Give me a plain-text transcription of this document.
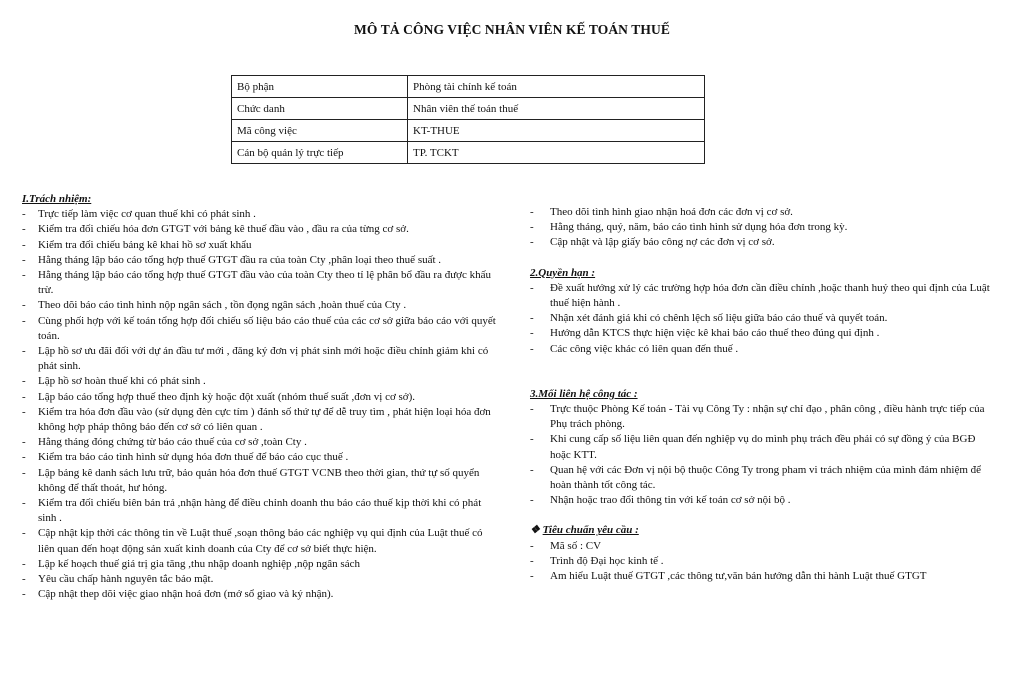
MÔ TẢ CÔNG VIỆC NHÂN VIÊN KẾ TOÁN THUẾ
Bộ phận	Phòng tài chính kế toán
Chức danh	Nhân viên thế toán thuế
Mã công việc	KT-THUE
Cán bộ quản lý trực tiếp	TP. TCKT
I.Trách nhiệm:
- Trực tiếp làm việc cơ quan thuế khi có phát sinh .
- Kiểm tra đối chiếu hóa đơn GTGT với bảng kê thuế đầu vào , đầu ra của từng cơ sở.
- Kiểm tra đối chiếu bảng kê khai hồ sơ xuất khẩu
- Hằng tháng lập báo cáo tổng hợp thuế GTGT đầu ra của toàn Cty ,phân loại theo thuế suất .
- Hằng tháng lập báo cáo tổng hợp thuế GTGT đầu vào của toàn Cty theo tỉ lệ phân bổ đầu ra được khấu trừ.
- Theo dõi báo cáo tình hình nộp ngân sách , tồn đọng ngân sách ,hoàn thuế của Cty .
- Cùng phối hợp với kế toán tổng hợp đối chiếu số liệu báo cáo thuế của các cơ sở giữa báo cáo với quyết toán.
- Lập hồ sơ ưu đãi đối với dự án đầu tư mới , đăng ký đơn vị phát sinh mới hoặc điều chỉnh giảm khi có phát sinh.
- Lập hồ sơ hoàn thuế khi có phát sinh .
- Lập báo cáo tổng hợp thuế theo định kỳ hoặc đột xuất (nhóm thuế suất ,đơn vị cơ sở).
- Kiểm tra hóa đơn đầu vào (sử dụng đèn cực tím ) đánh số thứ tự để dễ truy tìm , phát hiện loại hóa đơn không hợp pháp thông báo đến cơ sở có liên quan .
- Hằng tháng đóng chứng từ báo cáo thuế của cơ sở ,toàn Cty .
- Kiểm tra báo cáo tình hình sử dụng hóa đơn thuế để báo cáo cục thuế .
- Lập bảng kê danh sách lưu trữ, bảo quản hóa đơn thuế GTGT VCNB theo thời gian, thứ tự số quyển không để thất thoát, hư hỏng.
- Kiểm tra đối chiếu biên bản trả ,nhận hàng để điều chỉnh doanh thu báo cáo thuế kịp thời khi có phát sinh .
- Cập nhật kịp thời các thông tin về Luật thuế ,soạn thông báo các nghiệp vụ qui định của Luật thuế có liên quan đến hoạt động sản xuất kinh doanh của Cty để cơ sở biết thực hiện.
- Lập kế hoạch thuế giá trị gia tăng ,thu nhập doanh nghiệp ,nộp ngân sách
- Yêu cầu chấp hành nguyên tắc bảo mật.
- Cập nhật thep dõi việc giao nhận hoá đơn (mở sổ giao và ký nhận).
- Theo dõi tình hình giao nhận hoá đơn các đơn vị cơ sở.
- Hằng tháng, quý, năm, báo cáo tình hình sử dụng hóa đơn trong kỳ.
- Cập nhật và lập giấy báo công nợ các đơn vị cơ sở.
2.Quyền hạn :
- Đề xuất hướng xử lý các trường hợp hóa đơn cần điều chỉnh ,hoặc thanh huỷ theo qui định của Luật thuế hiện hành .
- Nhận xét đánh giá khi có chênh lệch số liệu giữa báo cáo thuế và quyết toán.
- Hướng dẫn KTCS thực hiện việc kê khai báo cáo thuế theo đúng qui định .
- Các công việc khác có liên quan đến thuế .
3.Mối liên hệ công tác :
- Trực thuộc Phòng Kế toán - Tài vụ Công Ty : nhận sự chỉ đạo , phân công , điều hành trực tiếp của Phụ trách phòng.
- Khi cung cấp số liệu liên quan đến nghiệp vụ do mình phụ trách đều phải có sự đồng ý của BGĐ hoặc KTT.
- Quan hệ với các Đơn vị nội bộ thuộc Công Ty trong pham vi trách nhiệm của mình đảm nhiệm để hoàn thành tốt công tác.
- Nhận hoặc trao đổi thông tin với kế toán cơ sở nội bộ .
❖ Tiêu chuẩn yêu cầu :
- Mã số : CV
- Trình độ Đại học kinh tế .
- Am hiểu Luật thuế GTGT ,các thông tư,văn bản hướng dẫn thi hành Luật thuế GTGT
